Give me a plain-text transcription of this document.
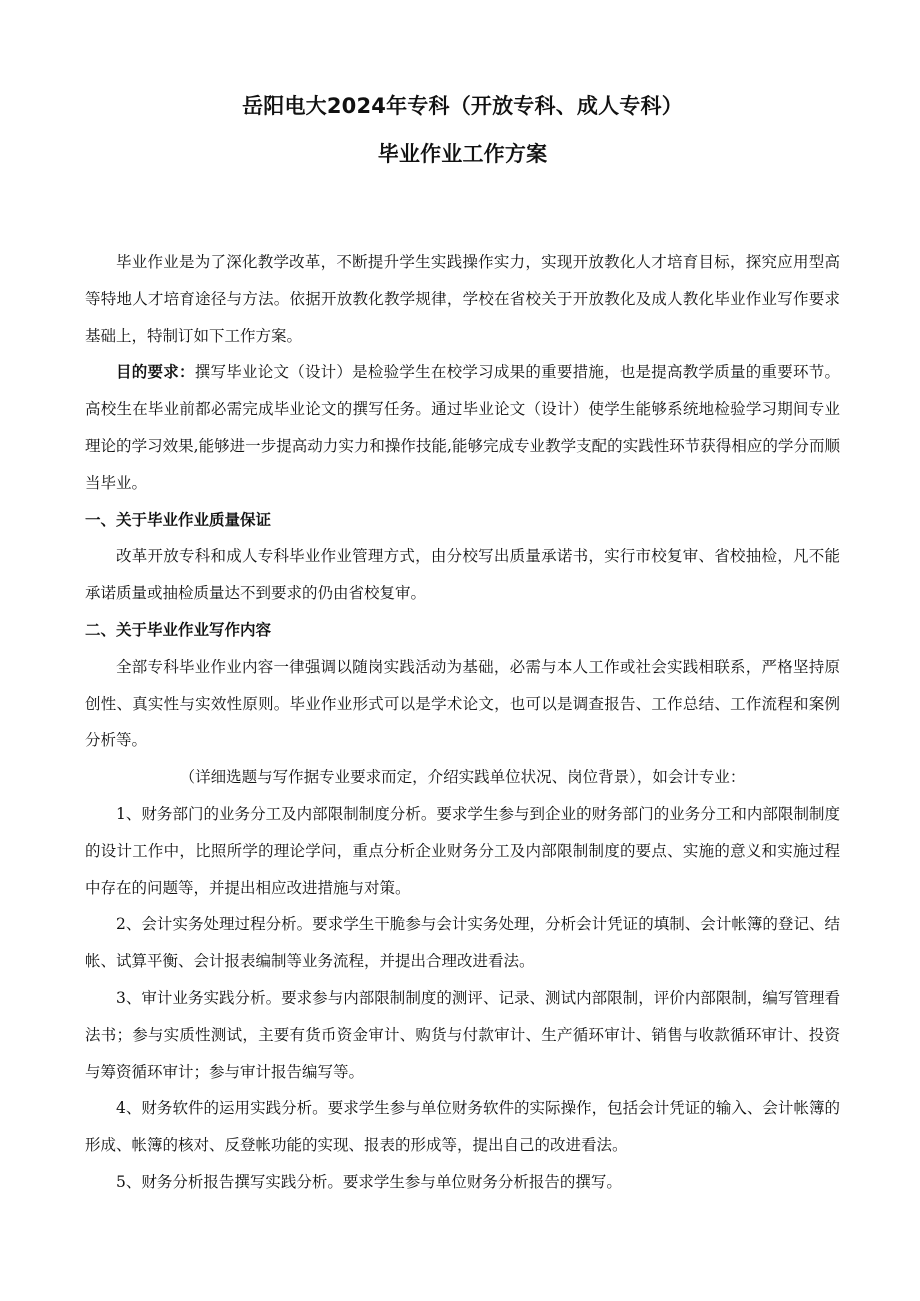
岳阳电大2024年专科（开放专科、成人专科）
毕业作业工作方案

毕业作业是为了深化教学改革，不断提升学生实践操作实力，实现开放教化人才培育目标，探究应用型高等特地人才培育途径与方法。依据开放教化教学规律，学校在省校关于开放教化及成人教化毕业作业写作要求基础上，特制订如下工作方案。

目的要求：撰写毕业论文（设计）是检验学生在校学习成果的重要措施，也是提高教学质量的重要环节。高校生在毕业前都必需完成毕业论文的撰写任务。通过毕业论文（设计）使学生能够系统地检验学习期间专业理论的学习效果,能够进一步提高动力实力和操作技能,能够完成专业教学支配的实践性环节获得相应的学分而顺当毕业。

一、关于毕业作业质量保证

改革开放专科和成人专科毕业作业管理方式，由分校写出质量承诺书，实行市校复审、省校抽检，凡不能承诺质量或抽检质量达不到要求的仍由省校复审。

二、关于毕业作业写作内容

全部专科毕业作业内容一律强调以随岗实践活动为基础，必需与本人工作或社会实践相联系，严格坚持原创性、真实性与实效性原则。毕业作业形式可以是学术论文，也可以是调查报告、工作总结、工作流程和案例分析等。

（详细选题与写作据专业要求而定，介绍实践单位状况、岗位背景），如会计专业：

1、财务部门的业务分工及内部限制制度分析。要求学生参与到企业的财务部门的业务分工和内部限制制度的设计工作中，比照所学的理论学问，重点分析企业财务分工及内部限制制度的要点、实施的意义和实施过程中存在的问题等，并提出相应改进措施与对策。

2、会计实务处理过程分析。要求学生干脆参与会计实务处理，分析会计凭证的填制、会计帐簿的登记、结帐、试算平衡、会计报表编制等业务流程，并提出合理改进看法。

3、审计业务实践分析。要求参与内部限制制度的测评、记录、测试内部限制，评价内部限制，编写管理看法书；参与实质性测试，主要有货币资金审计、购货与付款审计、生产循环审计、销售与收款循环审计、投资与筹资循环审计；参与审计报告编写等。

4、财务软件的运用实践分析。要求学生参与单位财务软件的实际操作，包括会计凭证的输入、会计帐簿的形成、帐簿的核对、反登帐功能的实现、报表的形成等，提出自己的改进看法。

5、财务分析报告撰写实践分析。要求学生参与单位财务分析报告的撰写。
